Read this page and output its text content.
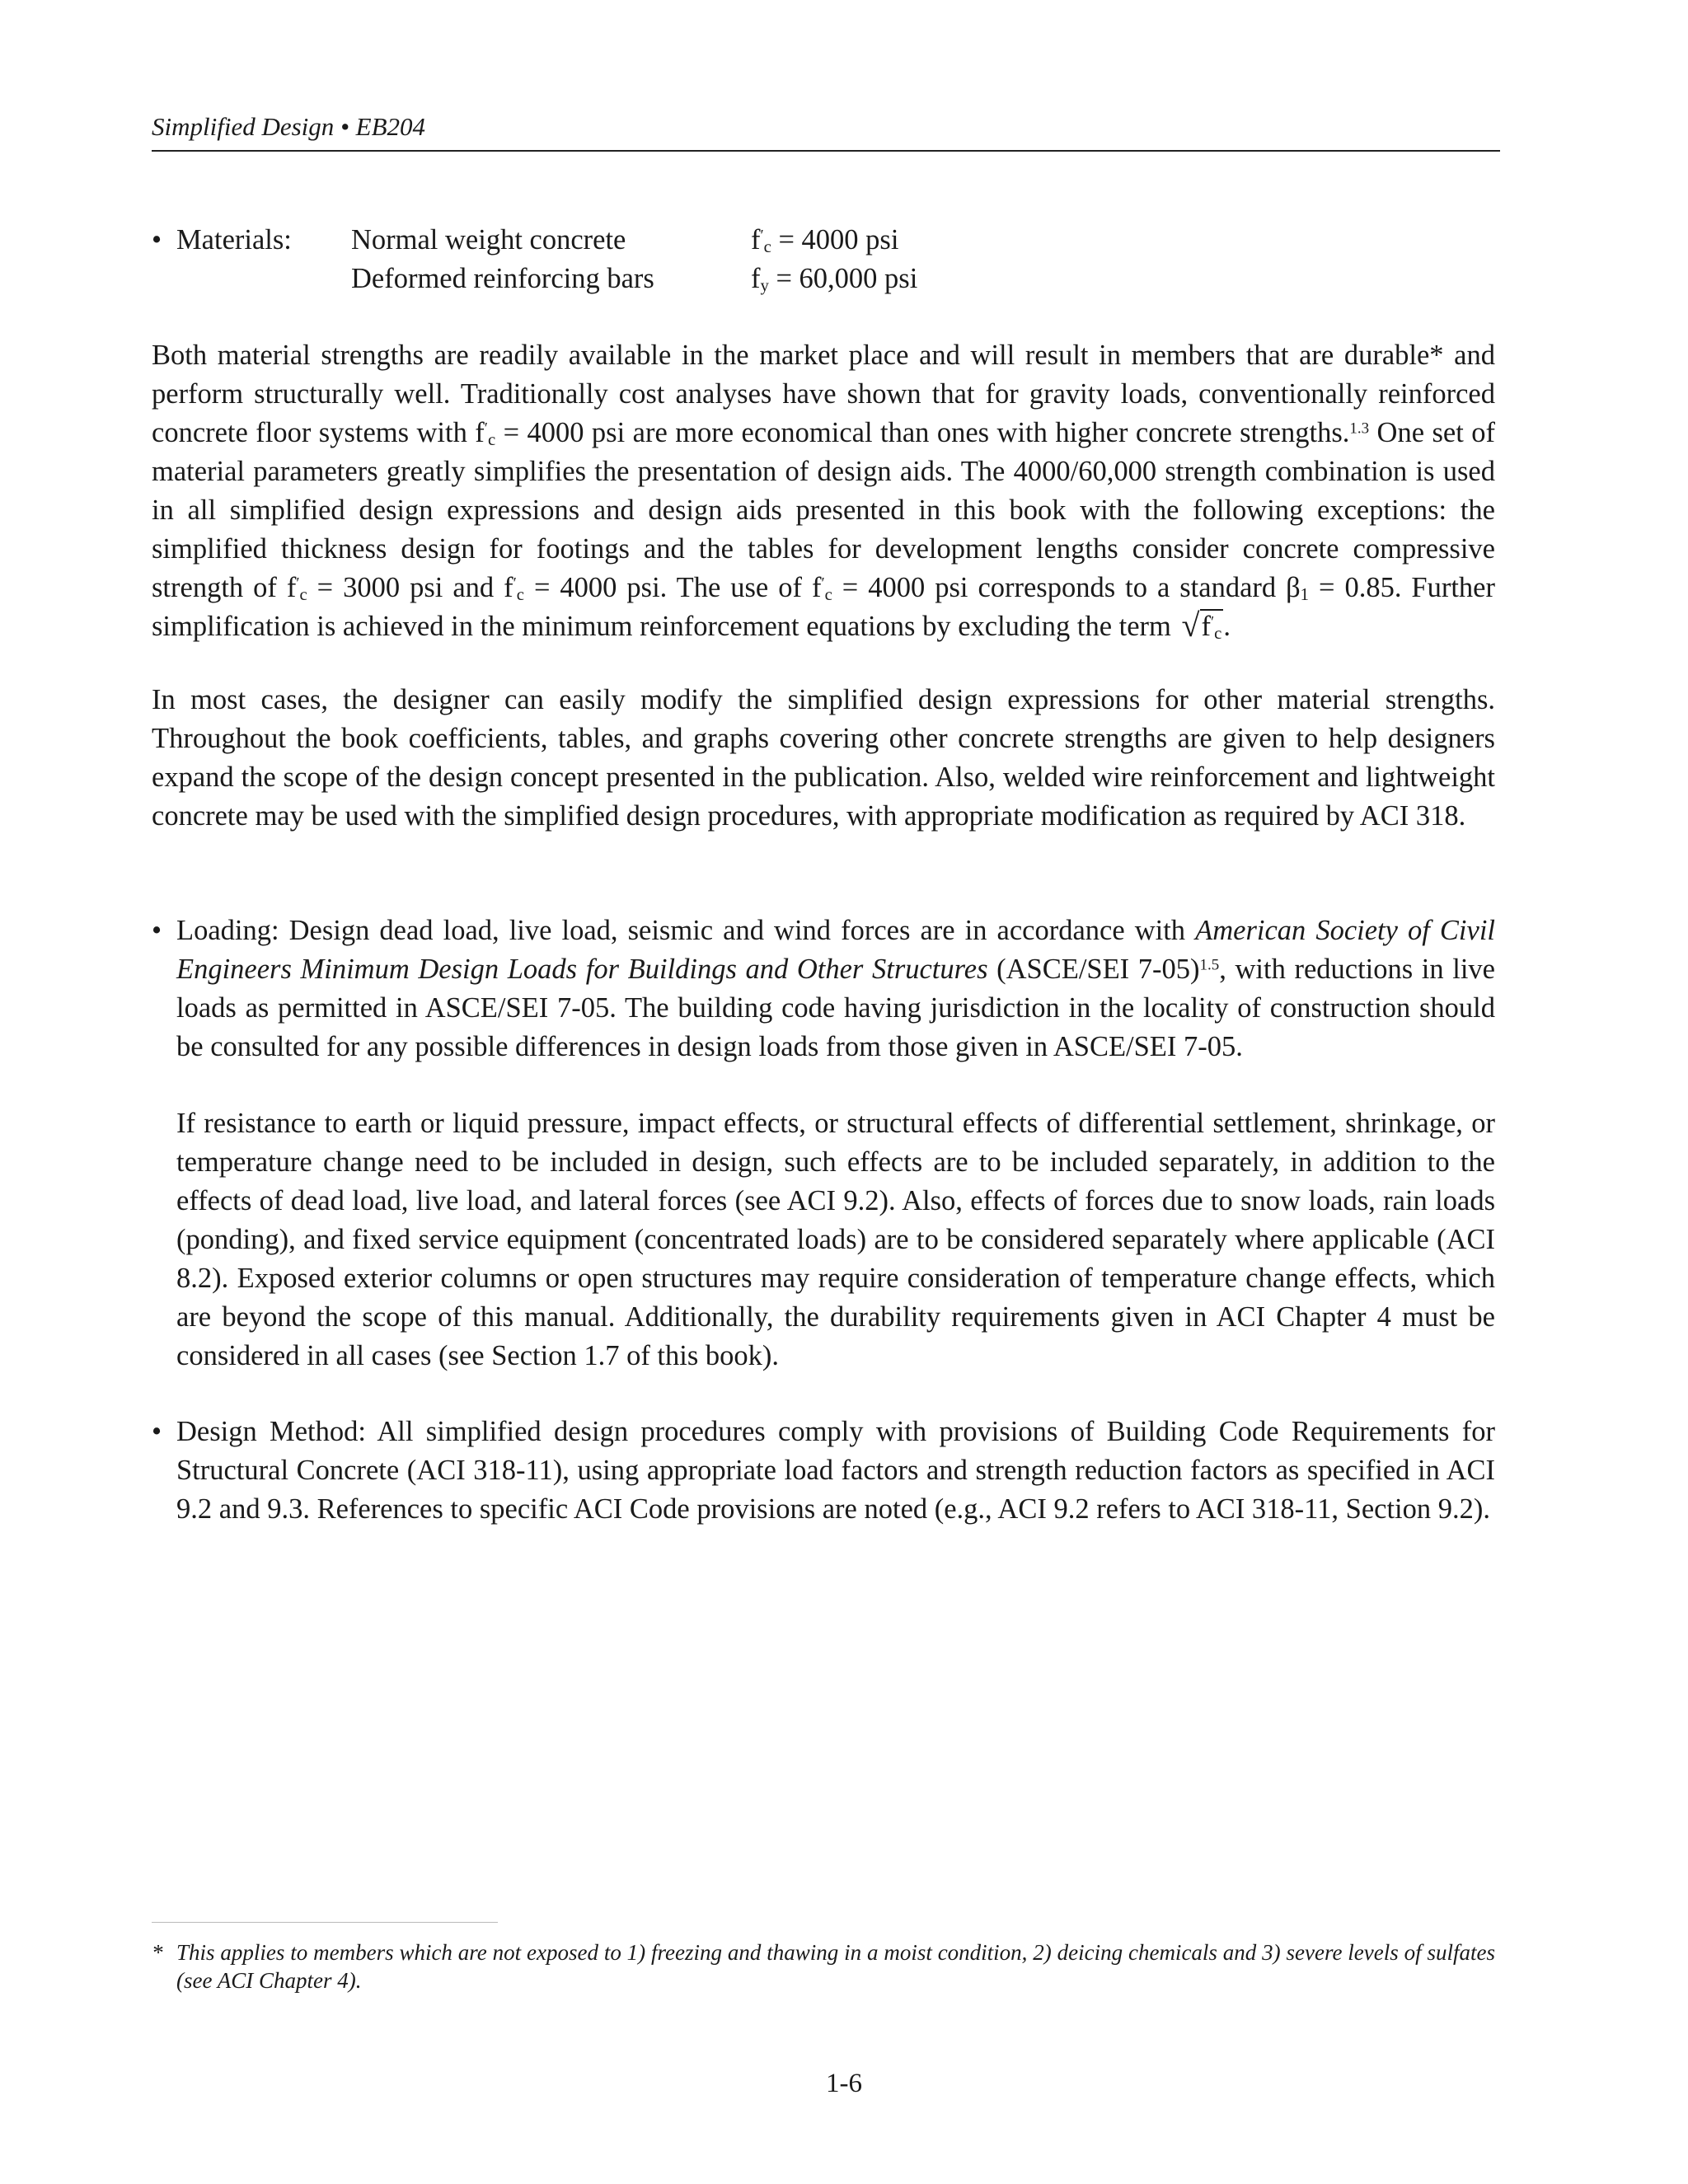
Simplified Design • EB204
• Materials:	Normal weight concrete	$f'_c = 4000$ psi
Deformed reinforcing bars	$f_y = 60,000$ psi
Both material strengths are readily available in the market place and will result in members that are durable* and perform structurally well. Traditionally cost analyses have shown that for gravity loads, conventionally reinforced concrete floor systems with $f'_c = 4000$ psi are more economical than ones with higher concrete strengths.$^{1.3}$ One set of material parameters greatly simplifies the presentation of design aids. The 4000/60,000 strength combination is used in all simplified design expressions and design aids presented in this book with the following exceptions: the simplified thickness design for footings and the tables for development lengths consider concrete compressive strength of $f'_c = 3000$ psi and $f'_c = 4000$ psi. The use of $f'_c = 4000$ psi corresponds to a standard $\beta_1 = 0.85$. Further simplification is achieved in the minimum reinforcement equations by excluding the term √ $f'_c$.
In most cases, the designer can easily modify the simplified design expressions for other material strengths. Throughout the book coefficients, tables, and graphs covering other concrete strengths are given to help designers expand the scope of the design concept presented in the publication. Also, welded wire reinforcement and lightweight concrete may be used with the simplified design procedures, with appropriate modification as required by ACI 318.
• Loading: Design dead load, live load, seismic and wind forces are in accordance with American Society of Civil Engineers Minimum Design Loads for Buildings and Other Structures (ASCE/SEI 7-05)$^{1.5}$, with reductions in live loads as permitted in ASCE/SEI 7-05. The building code having jurisdiction in the locality of construction should be consulted for any possible differences in design loads from those given in ASCE/SEI 7-05.
If resistance to earth or liquid pressure, impact effects, or structural effects of differential settlement, shrinkage, or temperature change need to be included in design, such effects are to be included separately, in addition to the effects of dead load, live load, and lateral forces (see ACI 9.2). Also, effects of forces due to snow loads, rain loads (ponding), and fixed service equipment (concentrated loads) are to be considered separately where applicable (ACI 8.2). Exposed exterior columns or open structures may require consideration of temperature change effects, which are beyond the scope of this manual. Additionally, the durability requirements given in ACI Chapter 4 must be considered in all cases (see Section 1.7 of this book).
• Design Method: All simplified design procedures comply with provisions of Building Code Requirements for Structural Concrete (ACI 318-11), using appropriate load factors and strength reduction factors as specified in ACI 9.2 and 9.3. References to specific ACI Code provisions are noted (e.g., ACI 9.2 refers to ACI 318-11, Section 9.2).
* This applies to members which are not exposed to 1) freezing and thawing in a moist condition, 2) deicing chemicals and 3) severe levels of sulfates (see ACI Chapter 4).
1-6
